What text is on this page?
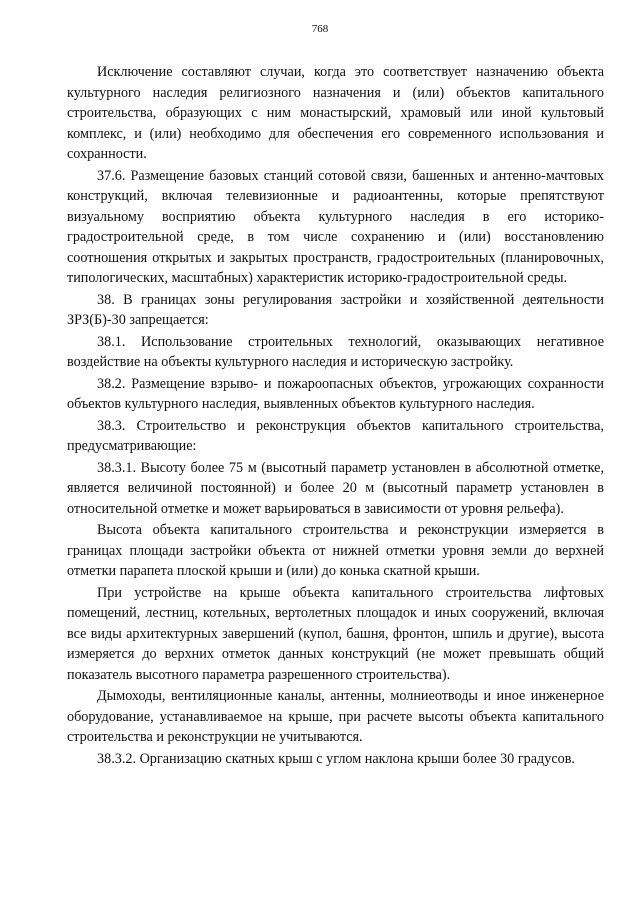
768

Исключение составляют случаи, когда это соответствует назначению объекта культурного наследия религиозного назначения и (или) объектов капитального строительства, образующих с ним монастырский, храмовый или иной культовый комплекс, и (или) необходимо для обеспечения его современного использования и сохранности.

37.6. Размещение базовых станций сотовой связи, башенных и антенно-мачтовых конструкций, включая телевизионные и радиоантенны, которые препятствуют визуальному восприятию объекта культурного наследия в его историко-градостроительной среде, в том числе сохранению и (или) восстановлению соотношения открытых и закрытых пространств, градостроительных (планировочных, типологических, масштабных) характеристик историко-градостроительной среды.

38. В границах зоны регулирования застройки и хозяйственной деятельности ЗРЗ(Б)-30 запрещается:

38.1. Использование строительных технологий, оказывающих негативное воздействие на объекты культурного наследия и историческую застройку.

38.2. Размещение взрыво- и пожароопасных объектов, угрожающих сохранности объектов культурного наследия, выявленных объектов культурного наследия.

38.3. Строительство и реконструкция объектов капитального строительства, предусматривающие:

38.3.1. Высоту более 75 м (высотный параметр установлен в абсолютной отметке, является величиной постоянной) и более 20 м (высотный параметр установлен в относительной отметке и может варьироваться в зависимости от уровня рельефа).

Высота объекта капитального строительства и реконструкции измеряется в границах площади застройки объекта от нижней отметки уровня земли до верхней отметки парапета плоской крыши и (или) до конька скатной крыши.

При устройстве на крыше объекта капитального строительства лифтовых помещений, лестниц, котельных, вертолетных площадок и иных сооружений, включая все виды архитектурных завершений (купол, башня, фронтон, шпиль и другие), высота измеряется до верхних отметок данных конструкций (не может превышать общий показатель высотного параметра разрешенного строительства).

Дымоходы, вентиляционные каналы, антенны, молниеотводы и иное инженерное оборудование, устанавливаемое на крыше, при расчете высоты объекта капитального строительства и реконструкции не учитываются.

38.3.2. Организацию скатных крыш с углом наклона крыши более 30 градусов.
